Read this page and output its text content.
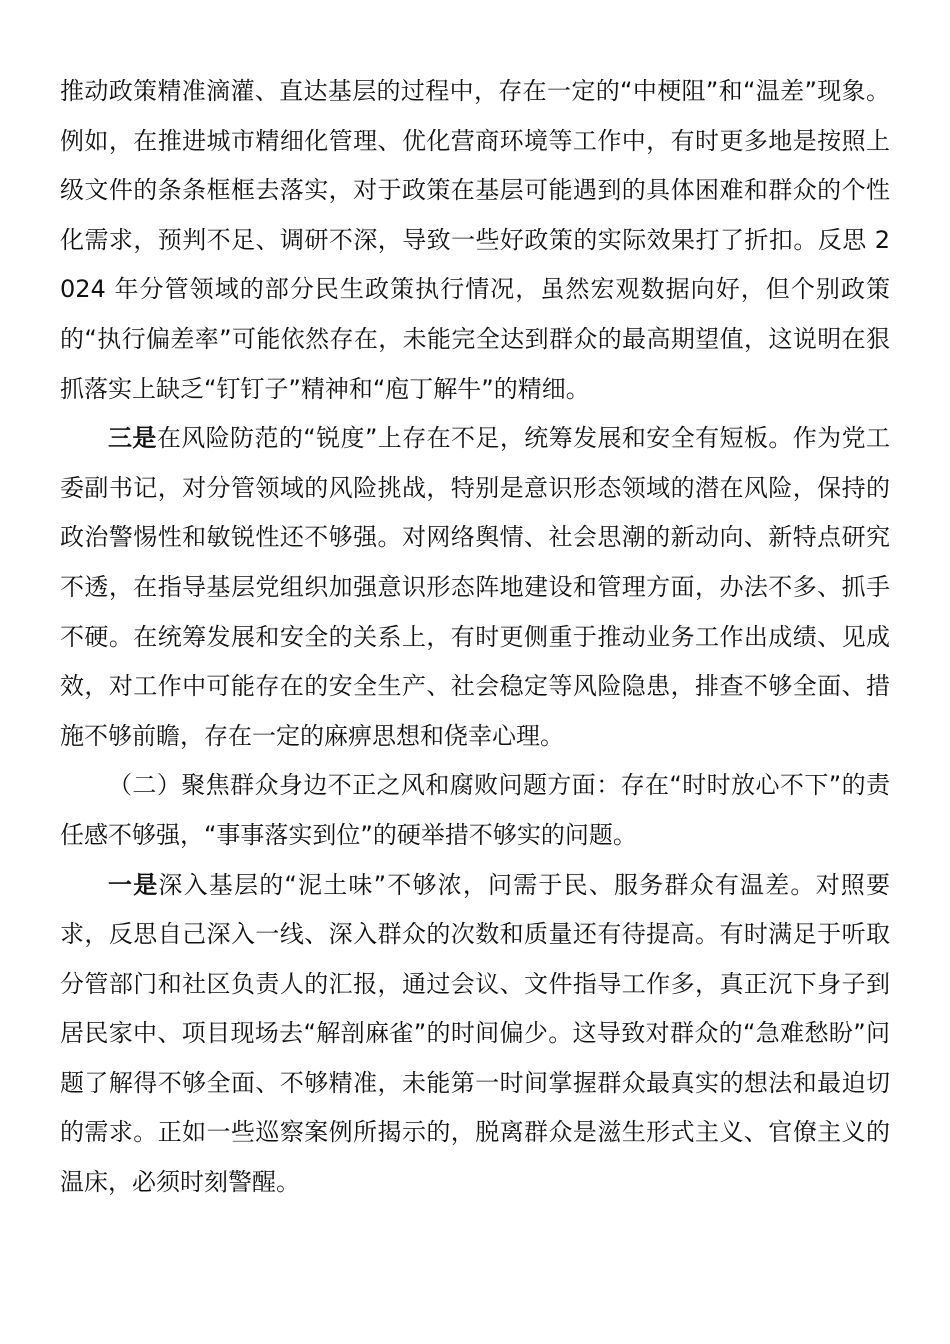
推动政策精准滴灌、直达基层的过程中，存在一定的“中梗阻”和“温差”现象。例如，在推进城市精细化管理、优化营商环境等工作中，有时更多地是按照上级文件的条条框框去落实，对于政策在基层可能遇到的具体困难和群众的个性化需求，预判不足、调研不深，导致一些好政策的实际效果打了折扣。反思 2024 年分管领域的部分民生政策执行情况，虽然宏观数据向好，但个别政策的“执行偏差率”可能依然存在，未能完全达到群众的最高期望值，这说明在狠抓落实上缺乏“钉钉子”精神和“庖丁解牛”的精细。

三是在风险防范的“锐度”上存在不足，统筹发展和安全有短板。作为党工委副书记，对分管领域的风险挑战，特别是意识形态领域的潜在风险，保持的政治警惕性和敏锐性还不够强。对网络舆情、社会思潮的新动向、新特点研究不透，在指导基层党组织加强意识形态阵地建设和管理方面，办法不多、抓手不硬。在统筹发展和安全的关系上，有时更侧重于推动业务工作出成绩、见成效，对工作中可能存在的安全生产、社会稳定等风险隐患，排查不够全面、措施不够前瞻，存在一定的麻痹思想和侥幸心理。

（二）聚焦群众身边不正之风和腐败问题方面：存在“时时放心不下”的责任感不够强，“事事落实到位”的硬举措不够实的问题。

一是深入基层的“泥土味”不够浓，问需于民、服务群众有温差。对照要求，反思自己深入一线、深入群众的次数和质量还有待提高。有时满足于听取分管部门和社区负责人的汇报，通过会议、文件指导工作多，真正沉下身子到居民家中、项目现场去“解剖麻雀”的时间偏少。这导致对群众的“急难愁盼”问题了解得不够全面、不够精准，未能第一时间掌握群众最真实的想法和最迫切的需求。正如一些巡察案例所揭示的，脱离群众是滋生形式主义、官僚主义的温床，必须时刻警醒。
